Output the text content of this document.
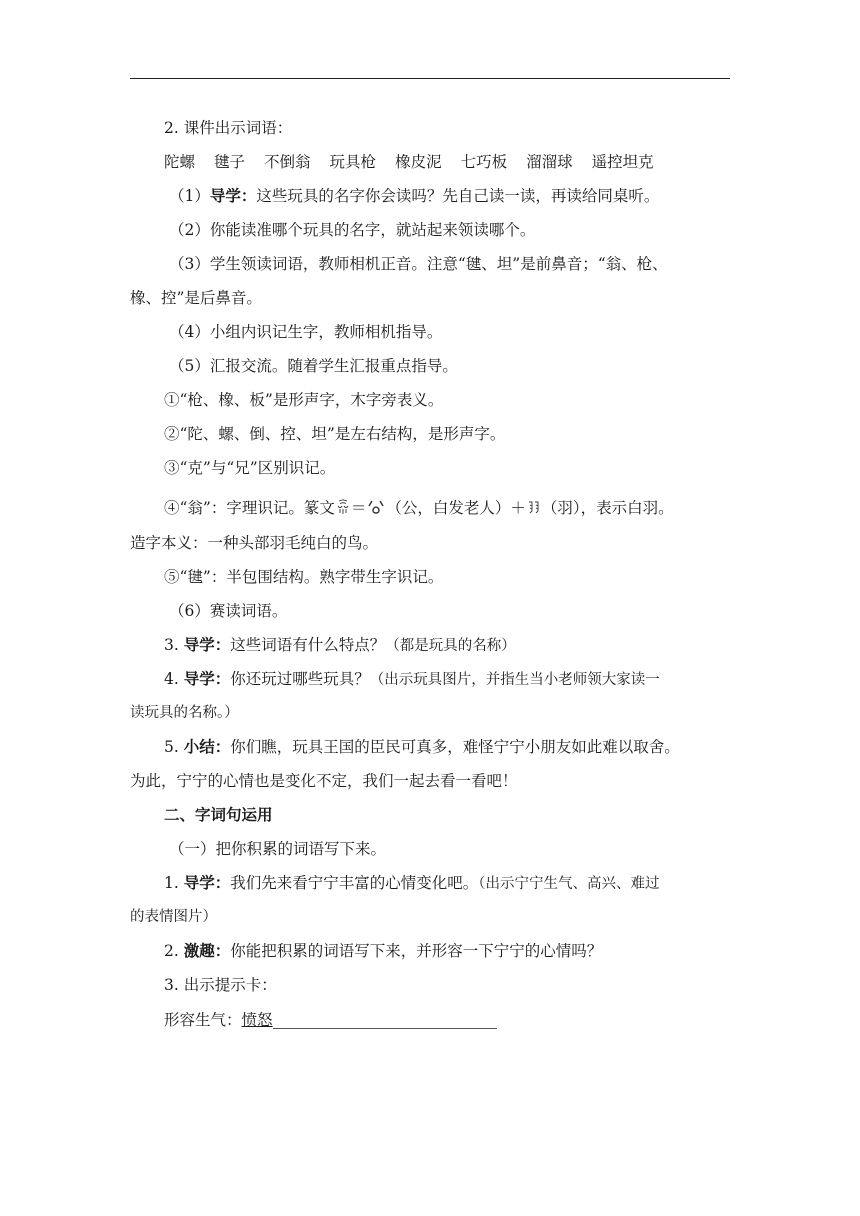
2. 课件出示词语：
陀螺 毽子 不倒翁 玩具枪 橡皮泥 七巧板 溜溜球 遥控坦克
（1）导学：这些玩具的名字你会读吗？先自己读一读，再读给同桌听。
（2）你能读准哪个玩具的名字，就站起来领读哪个。
（3）学生领读词语，教师相机正音。注意“毽、坦”是前鼻音；“翁、枪、
橡、控”是后鼻音。
（4）小组内识记生字，教师相机指导。
（5）汇报交流。随着学生汇报重点指导。
①“枪、橡、板”是形声字，木字旁表义。
②“陀、螺、倒、控、坦”是左右结构，是形声字。
③“克”与“兄”区别识记。
④“翁”：字理识记。篆文 ＝ （公，白发老人）＋ （羽），表示白羽。
造字本义：一种头部羽毛纯白的鸟。
⑤“毽”：半包围结构。熟字带生字识记。
（6）赛读词语。
3. 导学：这些词语有什么特点？（都是玩具的名称）
4. 导学：你还玩过哪些玩具？（出示玩具图片，并指生当小老师领大家读一
读玩具的名称。）
5. 小结：你们瞧，玩具王国的臣民可真多，难怪宁宁小朋友如此难以取舍。
为此，宁宁的心情也是变化不定，我们一起去看一看吧！
二、字词句运用
（一）把你积累的词语写下来。
1. 导学：我们先来看宁宁丰富的心情变化吧。（出示宁宁生气、高兴、难过
的表情图片）
2. 激趣：你能把积累的词语写下来，并形容一下宁宁的心情吗？
3. 出示提示卡：
形容生气：愤怒
